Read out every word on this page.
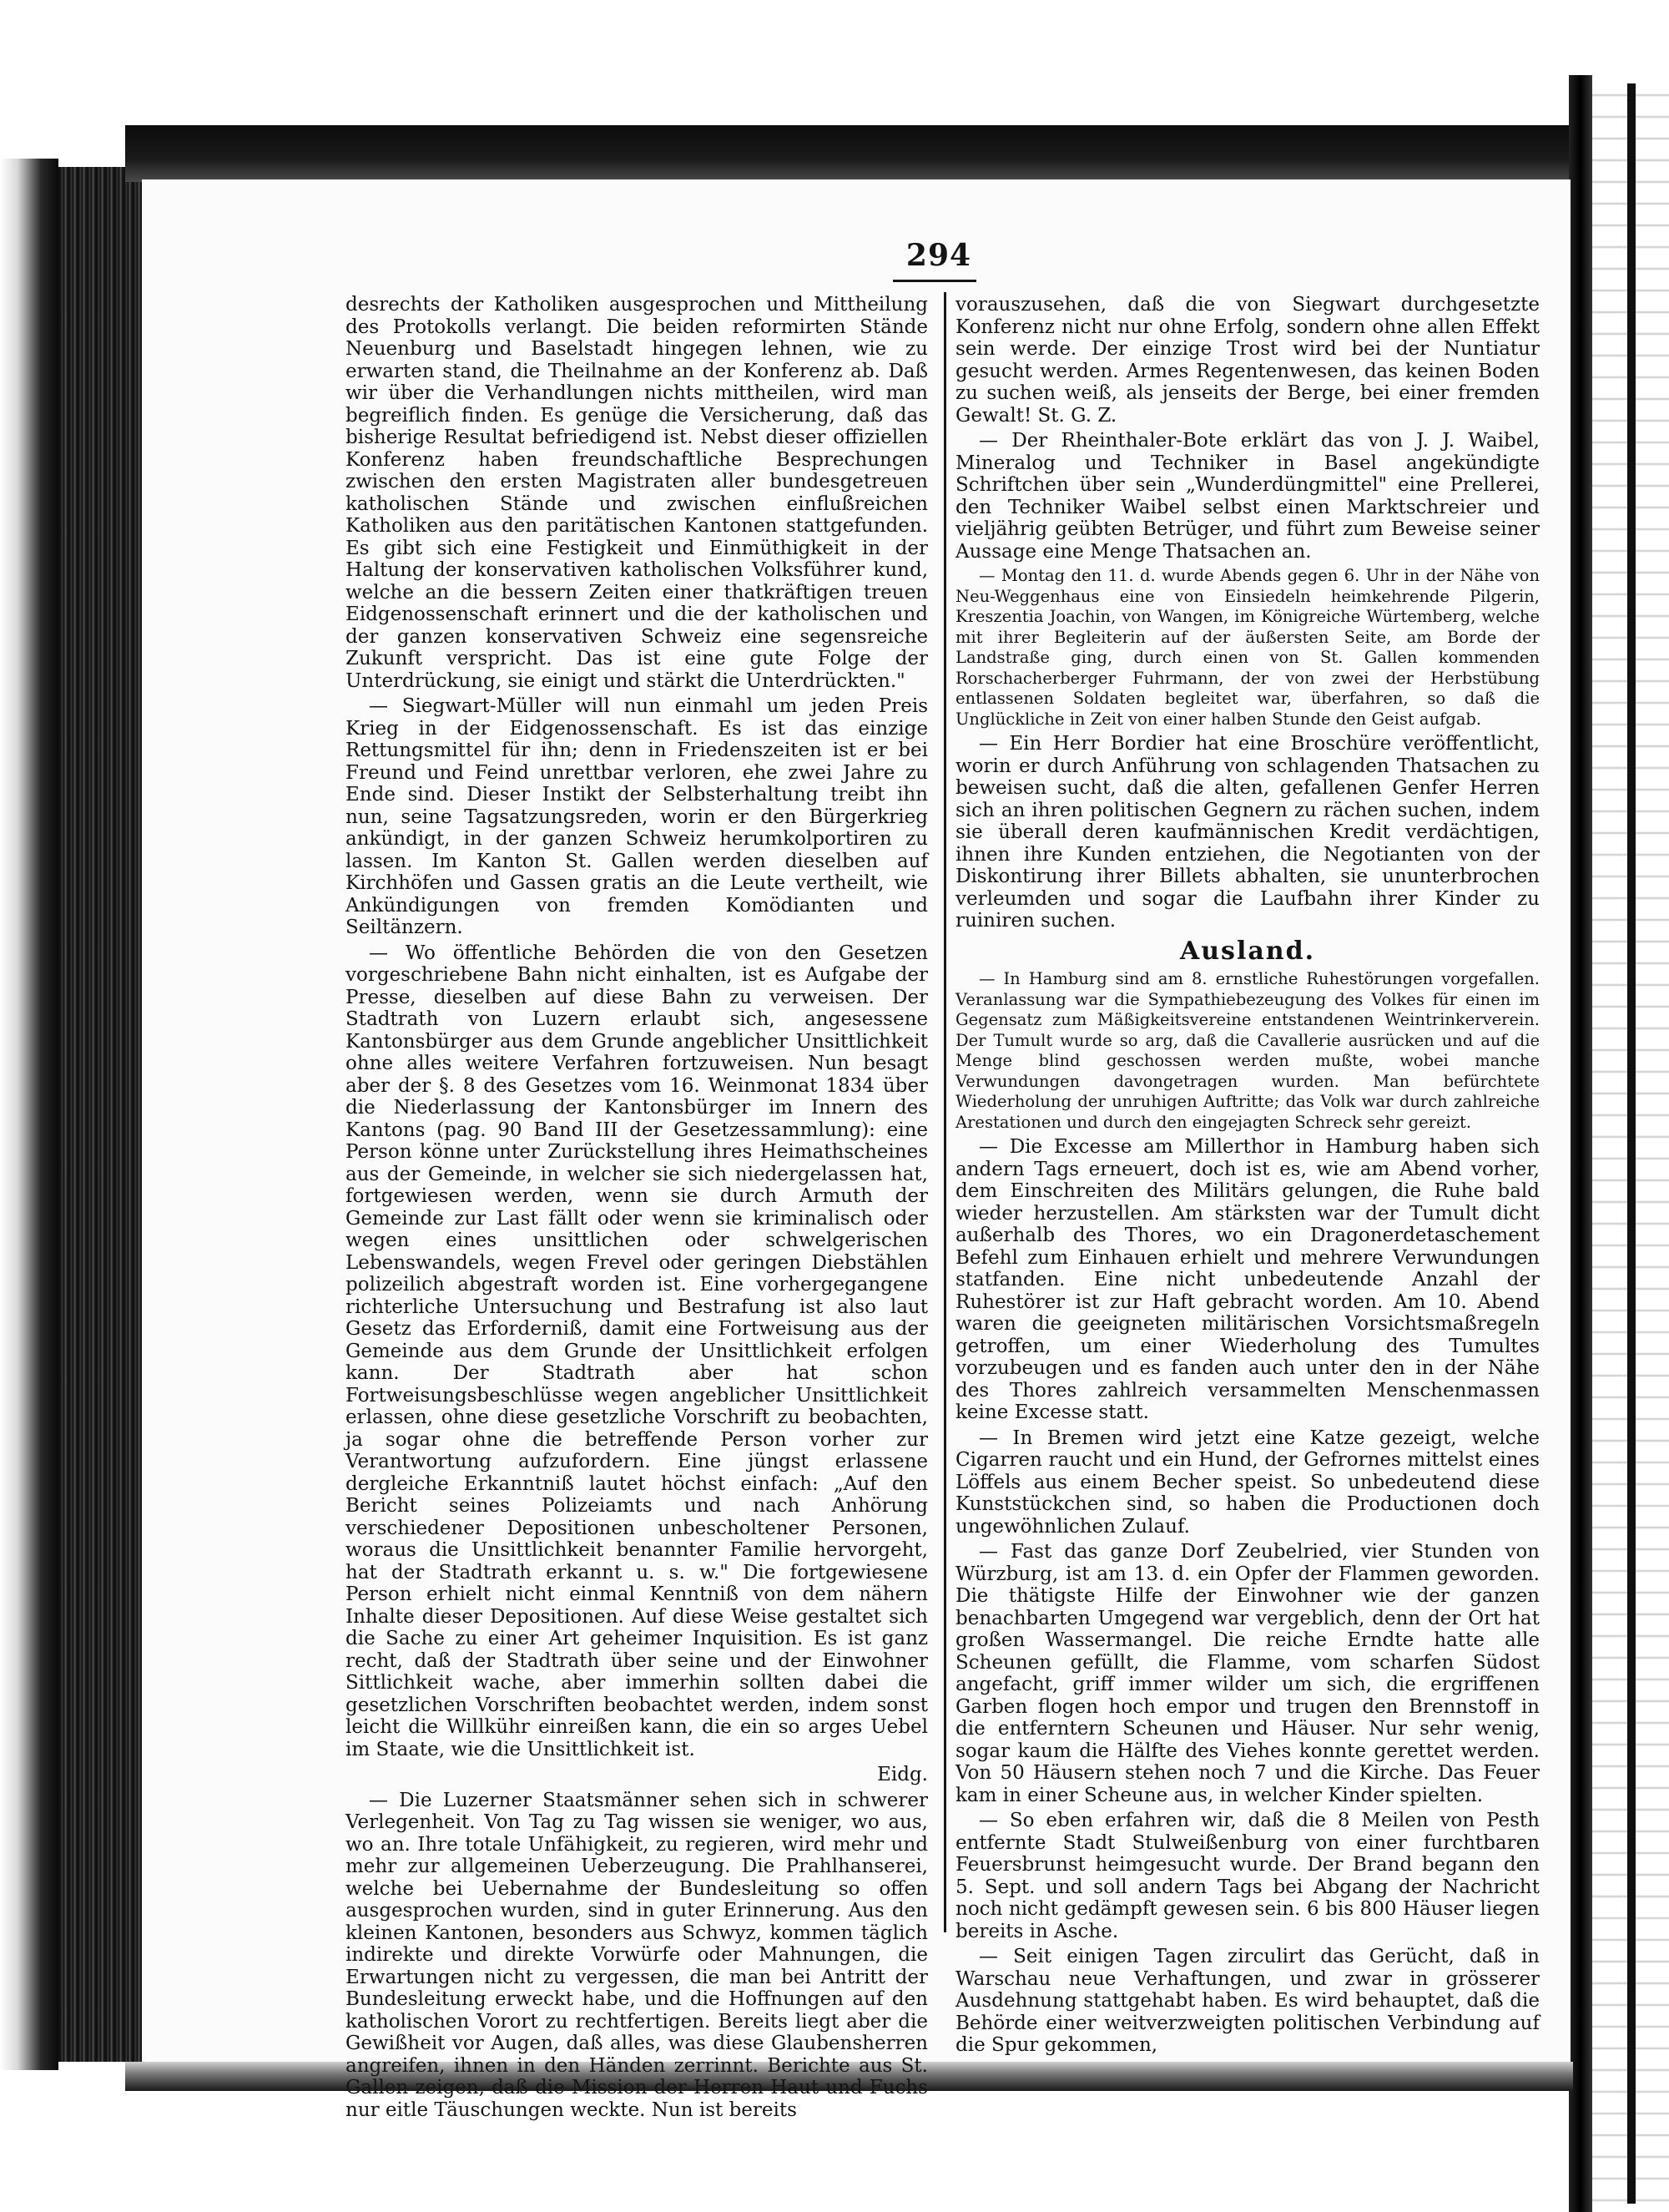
294

desrechts der Katholiken ausgesprochen und Mittheilung des Protokolls verlangt. Die beiden reformirten Stände Neuenburg und Baselstadt hingegen lehnen, wie zu erwarten stand, die Theilnahme an der Konferenz ab. Daß wir über die Verhandlungen nichts mittheilen, wird man begreiflich finden. Es genüge die Versicherung, daß das bisherige Resultat befriedigend ist. Nebst dieser offiziellen Konferenz haben freundschaftliche Besprechungen zwischen den ersten Magistraten aller bundesgetreuen katholischen Stände und zwischen einflußreichen Katholiken aus den paritätischen Kantonen stattgefunden. Es gibt sich eine Festigkeit und Einmüthigkeit in der Haltung der konservativen katholischen Volksführer kund, welche an die bessern Zeiten einer thatkräftigen treuen Eidgenossenschaft erinnert und die der katholischen und der ganzen konservativen Schweiz eine segensreiche Zukunft verspricht. Das ist eine gute Folge der Unterdrückung, sie einigt und stärkt die Unterdrückten."

— Siegwart-Müller will nun einmahl um jeden Preis Krieg in der Eidgenossenschaft. Es ist das einzige Rettungsmittel für ihn; denn in Friedenszeiten ist er bei Freund und Feind unrettbar verloren, ehe zwei Jahre zu Ende sind. Dieser Instikt der Selbsterhaltung treibt ihn nun, seine Tagsatzungsreden, worin er den Bürgerkrieg ankündigt, in der ganzen Schweiz herumkolportiren zu lassen. Im Kanton St. Gallen werden dieselben auf Kirchhöfen und Gassen gratis an die Leute vertheilt, wie Ankündigungen von fremden Komödianten und Seiltänzern.

— Wo öffentliche Behörden die von den Gesetzen vorgeschriebene Bahn nicht einhalten, ist es Aufgabe der Presse, dieselben auf diese Bahn zu verweisen. Der Stadtrath von Luzern erlaubt sich, angesessene Kantonsbürger aus dem Grunde angeblicher Unsittlichkeit ohne alles weitere Verfahren fortzuweisen. Nun besagt aber der §. 8 des Gesetzes vom 16. Weinmonat 1834 über die Niederlassung der Kantonsbürger im Innern des Kantons (pag. 90 Band III der Gesetzessammlung): eine Person könne unter Zurückstellung ihres Heimathscheines aus der Gemeinde, in welcher sie sich niedergelassen hat, fortgewiesen werden, wenn sie durch Armuth der Gemeinde zur Last fällt oder wenn sie kriminalisch oder wegen eines unsittlichen oder schwelgerischen Lebenswandels, wegen Frevel oder geringen Diebstählen polizeilich abgestraft worden ist. Eine vorhergegangene richterliche Untersuchung und Bestrafung ist also laut Gesetz das Erforderniß, damit eine Fortweisung aus der Gemeinde aus dem Grunde der Unsittlichkeit erfolgen kann. Der Stadtrath aber hat schon Fortweisungsbeschlüsse wegen angeblicher Unsittlichkeit erlassen, ohne diese gesetzliche Vorschrift zu beobachten, ja sogar ohne die betreffende Person vorher zur Verantwortung aufzufordern. Eine jüngst erlassene dergleiche Erkanntniß lautet höchst einfach: „Auf den Bericht seines Polizeiamts und nach Anhörung verschiedener Depositionen unbescholtener Personen, woraus die Unsittlichkeit benannter Familie hervorgeht, hat der Stadtrath erkannt u. s. w." Die fortgewiesene Person erhielt nicht einmal Kenntniß von dem nähern Inhalte dieser Depositionen. Auf diese Weise gestaltet sich die Sache zu einer Art geheimer Inquisition. Es ist ganz recht, daß der Stadtrath über seine und der Einwohner Sittlichkeit wache, aber immerhin sollten dabei die gesetzlichen Vorschriften beobachtet werden, indem sonst leicht die Willkühr einreißen kann, die ein so arges Uebel im Staate, wie die Unsittlichkeit ist.

Eidg.

— Die Luzerner Staatsmänner sehen sich in schwerer Verlegenheit. Von Tag zu Tag wissen sie weniger, wo aus, wo an. Ihre totale Unfähigkeit, zu regieren, wird mehr und mehr zur allgemeinen Ueberzeugung. Die Prahlhanserei, welche bei Uebernahme der Bundesleitung so offen ausgesprochen wurden, sind in guter Erinnerung. Aus den kleinen Kantonen, besonders aus Schwyz, kommen täglich indirekte und direkte Vorwürfe oder Mahnungen, die Erwartungen nicht zu vergessen, die man bei Antritt der Bundesleitung erweckt habe, und die Hoffnungen auf den katholischen Vorort zu rechtfertigen. Bereits liegt aber die Gewißheit vor Augen, daß alles, was diese Glaubensherren angreifen, ihnen in den Händen zerrinnt. Berichte aus St. Gallen zeigen, daß die Mission der Herren Haut und Fuchs nur eitle Täuschungen weckte. Nun ist bereits

vorauszusehen, daß die von Siegwart durchgesetzte Konferenz nicht nur ohne Erfolg, sondern ohne allen Effekt sein werde. Der einzige Trost wird bei der Nuntiatur gesucht werden. Armes Regentenwesen, das keinen Boden zu suchen weiß, als jenseits der Berge, bei einer fremden Gewalt! St. G. Z.

— Der Rheinthaler-Bote erklärt das von J. J. Waibel, Mineralog und Techniker in Basel angekündigte Schriftchen über sein „Wunderdüngmittel" eine Prellerei, den Techniker Waibel selbst einen Marktschreier und vieljährig geübten Betrüger, und führt zum Beweise seiner Aussage eine Menge Thatsachen an.

— Montag den 11. d. wurde Abends gegen 6. Uhr in der Nähe von Neu-Weggenhaus eine von Einsiedeln heimkehrende Pilgerin, Kreszentia Joachin, von Wangen, im Königreiche Würtemberg, welche mit ihrer Begleiterin auf der äußersten Seite, am Borde der Landstraße ging, durch einen von St. Gallen kommenden Rorschacherberger Fuhrmann, der von zwei der Herbstübung entlassenen Soldaten begleitet war, überfahren, so daß die Unglückliche in Zeit von einer halben Stunde den Geist aufgab.

— Ein Herr Bordier hat eine Broschüre veröffentlicht, worin er durch Anführung von schlagenden Thatsachen zu beweisen sucht, daß die alten, gefallenen Genfer Herren sich an ihren politischen Gegnern zu rächen suchen, indem sie überall deren kaufmännischen Kredit verdächtigen, ihnen ihre Kunden entziehen, die Negotianten von der Diskontirung ihrer Billets abhalten, sie ununterbrochen verleumden und sogar die Laufbahn ihrer Kinder zu ruiniren suchen.

Ausland.

— In Hamburg sind am 8. ernstliche Ruhestörungen vorgefallen. Veranlassung war die Sympathiebezeugung des Volkes für einen im Gegensatz zum Mäßigkeitsvereine entstandenen Weintrinkerverein. Der Tumult wurde so arg, daß die Cavallerie ausrücken und auf die Menge blind geschossen werden mußte, wobei manche Verwundungen davongetragen wurden. Man befürchtete Wiederholung der unruhigen Auftritte; das Volk war durch zahlreiche Arestationen und durch den eingejagten Schreck sehr gereizt.

— Die Excesse am Millerthor in Hamburg haben sich andern Tags erneuert, doch ist es, wie am Abend vorher, dem Einschreiten des Militärs gelungen, die Ruhe bald wieder herzustellen. Am stärksten war der Tumult dicht außerhalb des Thores, wo ein Dragonerdetaschement Befehl zum Einhauen erhielt und mehrere Verwundungen statfanden. Eine nicht unbedeutende Anzahl der Ruhestörer ist zur Haft gebracht worden. Am 10. Abend waren die geeigneten militärischen Vorsichtsmaßregeln getroffen, um einer Wiederholung des Tumultes vorzubeugen und es fanden auch unter den in der Nähe des Thores zahlreich versammelten Menschenmassen keine Excesse statt.

— In Bremen wird jetzt eine Katze gezeigt, welche Cigarren raucht und ein Hund, der Gefrornes mittelst eines Löffels aus einem Becher speist. So unbedeutend diese Kunststückchen sind, so haben die Productionen doch ungewöhnlichen Zulauf.

— Fast das ganze Dorf Zeubelried, vier Stunden von Würzburg, ist am 13. d. ein Opfer der Flammen geworden. Die thätigste Hilfe der Einwohner wie der ganzen benachbarten Umgegend war vergeblich, denn der Ort hat großen Wassermangel. Die reiche Erndte hatte alle Scheunen gefüllt, die Flamme, vom scharfen Südost angefacht, griff immer wilder um sich, die ergriffenen Garben flogen hoch empor und trugen den Brennstoff in die entferntern Scheunen und Häuser. Nur sehr wenig, sogar kaum die Hälfte des Viehes konnte gerettet werden. Von 50 Häusern stehen noch 7 und die Kirche. Das Feuer kam in einer Scheune aus, in welcher Kinder spielten.

— So eben erfahren wir, daß die 8 Meilen von Pesth entfernte Stadt Stulweißenburg von einer furchtbaren Feuersbrunst heimgesucht wurde. Der Brand begann den 5. Sept. und soll andern Tags bei Abgang der Nachricht noch nicht gedämpft gewesen sein. 6 bis 800 Häuser liegen bereits in Asche.

— Seit einigen Tagen zirculirt das Gerücht, daß in Warschau neue Verhaftungen, und zwar in grösserer Ausdehnung stattgehabt haben. Es wird behauptet, daß die Behörde einer weitverzweigten politischen Verbindung auf die Spur gekommen,
